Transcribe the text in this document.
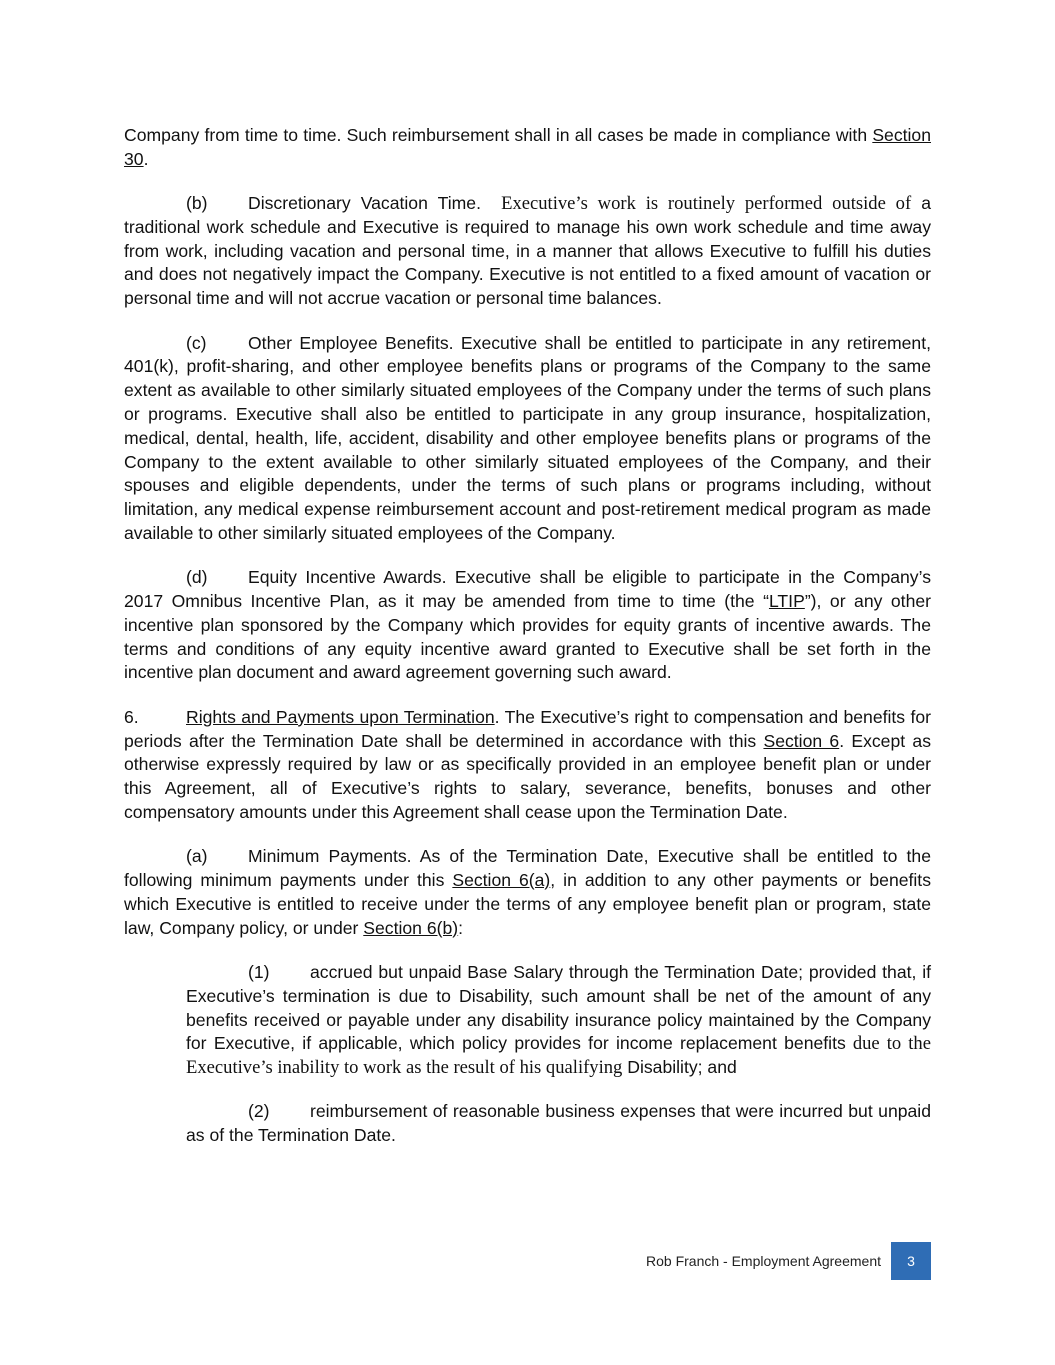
Company from time to time. Such reimbursement shall in all cases be made in compliance with Section 30.

(b) Discretionary Vacation Time. Executive’s work is routinely performed outside of a traditional work schedule and Executive is required to manage his own work schedule and time away from work, including vacation and personal time, in a manner that allows Executive to fulfill his duties and does not negatively impact the Company. Executive is not entitled to a fixed amount of vacation or personal time and will not accrue vacation or personal time balances.

(c) Other Employee Benefits. Executive shall be entitled to participate in any retirement, 401(k), profit-sharing, and other employee benefits plans or programs of the Company to the same extent as available to other similarly situated employees of the Company under the terms of such plans or programs. Executive shall also be entitled to participate in any group insurance, hospitalization, medical, dental, health, life, accident, disability and other employee benefits plans or programs of the Company to the extent available to other similarly situated employees of the Company, and their spouses and eligible dependents, under the terms of such plans or programs including, without limitation, any medical expense reimbursement account and post-retirement medical program as made available to other similarly situated employees of the Company.

(d) Equity Incentive Awards. Executive shall be eligible to participate in the Company’s 2017 Omnibus Incentive Plan, as it may be amended from time to time (the “LTIP”), or any other incentive plan sponsored by the Company which provides for equity grants of incentive awards. The terms and conditions of any equity incentive award granted to Executive shall be set forth in the incentive plan document and award agreement governing such award.

6.	Rights and Payments upon Termination. The Executive’s right to compensation and benefits for periods after the Termination Date shall be determined in accordance with this Section 6. Except as otherwise expressly required by law or as specifically provided in an employee benefit plan or under this Agreement, all of Executive’s rights to salary, severance, benefits, bonuses and other compensatory amounts under this Agreement shall cease upon the Termination Date.

(a) Minimum Payments. As of the Termination Date, Executive shall be entitled to the following minimum payments under this Section 6(a), in addition to any other payments or benefits which Executive is entitled to receive under the terms of any employee benefit plan or program, state law, Company policy, or under Section 6(b):

(1) accrued but unpaid Base Salary through the Termination Date; provided that, if Executive’s termination is due to Disability, such amount shall be net of the amount of any benefits received or payable under any disability insurance policy maintained by the Company for Executive, if applicable, which policy provides for income replacement benefits due to the Executive’s inability to work as the result of his qualifying Disability; and

(2) reimbursement of reasonable business expenses that were incurred but unpaid as of the Termination Date.

Rob Franch - Employment Agreement	3
